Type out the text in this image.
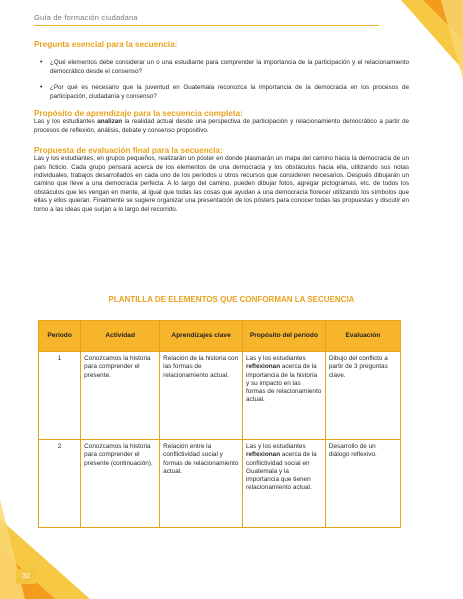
Guía de formación ciudadana
Pregunta esencial para la secuencia:
• ¿Qué elementos debe considerar un o una estudiante para comprender la importancia de la participación y el relacionamiento democrático desde el consenso?
• ¿Por qué es necesario que la juventud en Guatemala reconozca la importancia de la democracia en los procesos de participación, ciudadanía y consenso?
Propósito de aprendizaje para la secuencia completa:

Las y los estudiantes analizan la realidad actual desde una perspectiva de participación y relacionamiento democrático a partir de procesos de reflexión, análisis, debate y consenso propositivo.

Propuesta de evaluación final para la secuencia:

Las y los estudiantes, en grupos pequeños, realizarán un póster en donde plasmarán un mapa del camino hacia la democracia de un país ficticio. Cada grupo pensará acerca de los elementos de una democracia y los obstáculos hacia ella, utilizando sus notas individuales, trabajos desarrollados en cada uno de los períodos u otros recursos que consideren necesarios. Después dibujarán un camino que lleve a una democracia perfecta. A lo largo del camino, pueden dibujar fotos, agregar pictogramas, etc. de todos los obstáculos que les vengan en mente, al igual que todas las cosas que ayudan a una democracia florecer utilizando los símbolos que ellas y ellos quieran. Finalmente se sugiere organizar una presentación de los pósters para conocer todas las propuestas y discutir en torno a las ideas que surjan a lo largo del recorrido.

PLANTILLA DE ELEMENTOS QUE CONFORMAN LA SECUENCIA
Período	Actividad	Aprendizajes clave	Propósito del período	Evaluación
1	Conozcamos la historia para comprender el presente.	Relación de la historia con las formas de relacionamiento actual.	Las y los estudiantes reflexionan acerca de la importancia de la historia y su impacto en las formas de relacionamiento actual.	Dibujo del conflicto a partir de 3 preguntas clave.
2	Conozcamos la historia para comprender el presente (continuación).	Relación entre la conflictividad social y formas de relacionamiento actual.	Las y los estudiantes reflexionan acerca de la conflictividad social en Guatemala y la importancia que tienen relacionamiento actual.	Desarrollo de un diálogo reflexivo.
32
